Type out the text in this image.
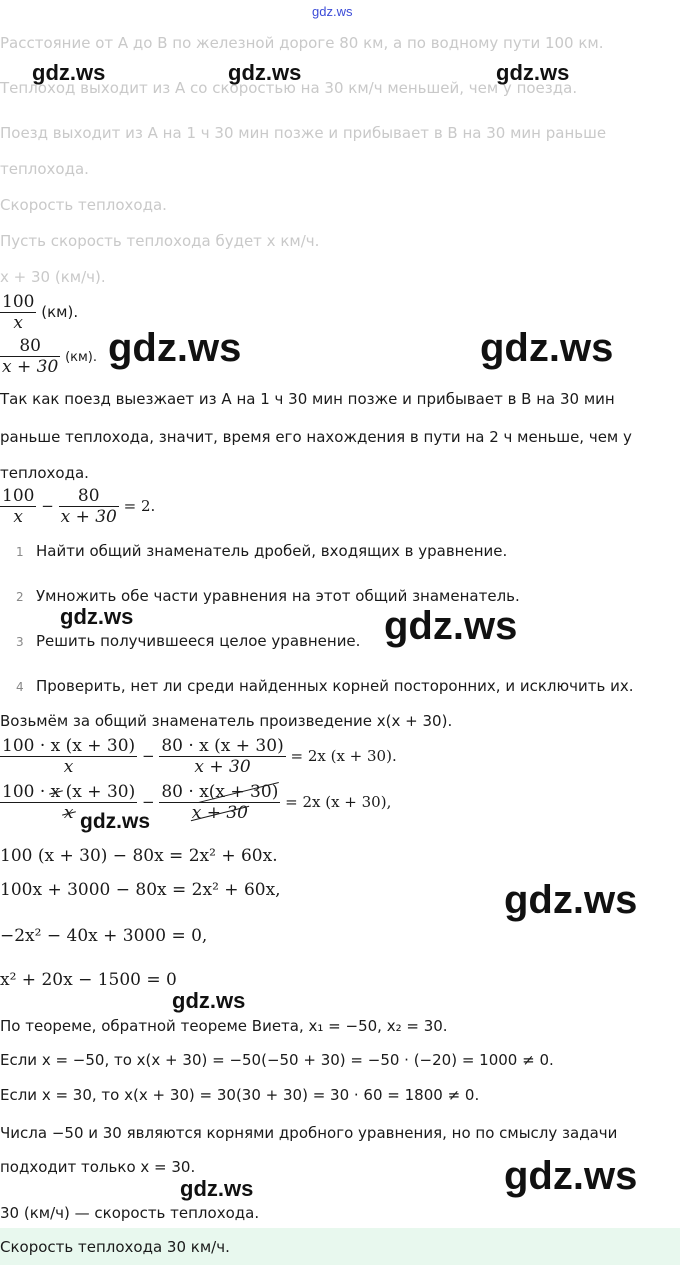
gdz.ws
Расстояние от A до B по железной дороге 80 км, а по водному пути 100 км.
Теплоход выходит из A со скоростью на 30 км/ч меньшей, чем у поезда.
Поезд выходит из A на 1 ч 30 мин позже и прибывает в B на 30 мин раньше
теплохода.
Скорость теплохода.
Пусть скорость теплохода будет x км/ч.
x + 30 (км/ч).
$\frac{100}{x} (км)$.
$\frac{80}{x + 30} (км)$.
Так как поезд выезжает из A на 1 ч 30 мин позже и прибывает в B на 30 мин
раньше теплохода, значит, время его нахождения в пути на 2 ч меньше, чем у
теплохода.
$\frac{100}{x} - \frac{80}{x + 30} = 2$.
1 Найти общий знаменатель дробей, входящих в уравнение.
2 Умножить обе части уравнения на этот общий знаменатель.
3 Решить получившееся целое уравнение.
4 Проверить, нет ли среди найденных корней посторонних, и исключить их.
Возьмём за общий знаменатель произведение x(x + 30).
$\frac{100 \cdot x (x + 30)}{x} - \frac{80 \cdot x (x + 30)}{x + 30} = 2x$ (x + 30).
$\frac{100 \cdot x (x + 30)}{x} - \frac{80 \cdot x(x + 30)}{x + 30} = 2x$ (x + 30),
100 (x + 30) − 80x = 2x² + 60x.
100x + 3000 − 80x = 2x² + 60x,
−2x² − 40x + 3000 = 0,
x² + 20x − 1500 = 0
По теореме, обратной теореме Виета, x₁ = −50, x₂ = 30.
Если x = −50, то x(x + 30) = −50(−50 + 30) = −50 · (−20) = 1000 ≠ 0.
Если x = 30, то x(x + 30) = 30(30 + 30) = 30 · 60 = 1800 ≠ 0.
Числа −50 и 30 являются корнями дробного уравнения, но по смыслу задачи
подходит только x = 30.
30 (км/ч) — скорость теплохода.
Скорость теплохода 30 км/ч.
gdz.ws	gdz.ws	gdz.ws
gdz.ws	gdz.ws
gdz.ws	gdz.ws
gdz.ws
gdz.ws
gdz.ws
gdz.ws
gdz.ws
